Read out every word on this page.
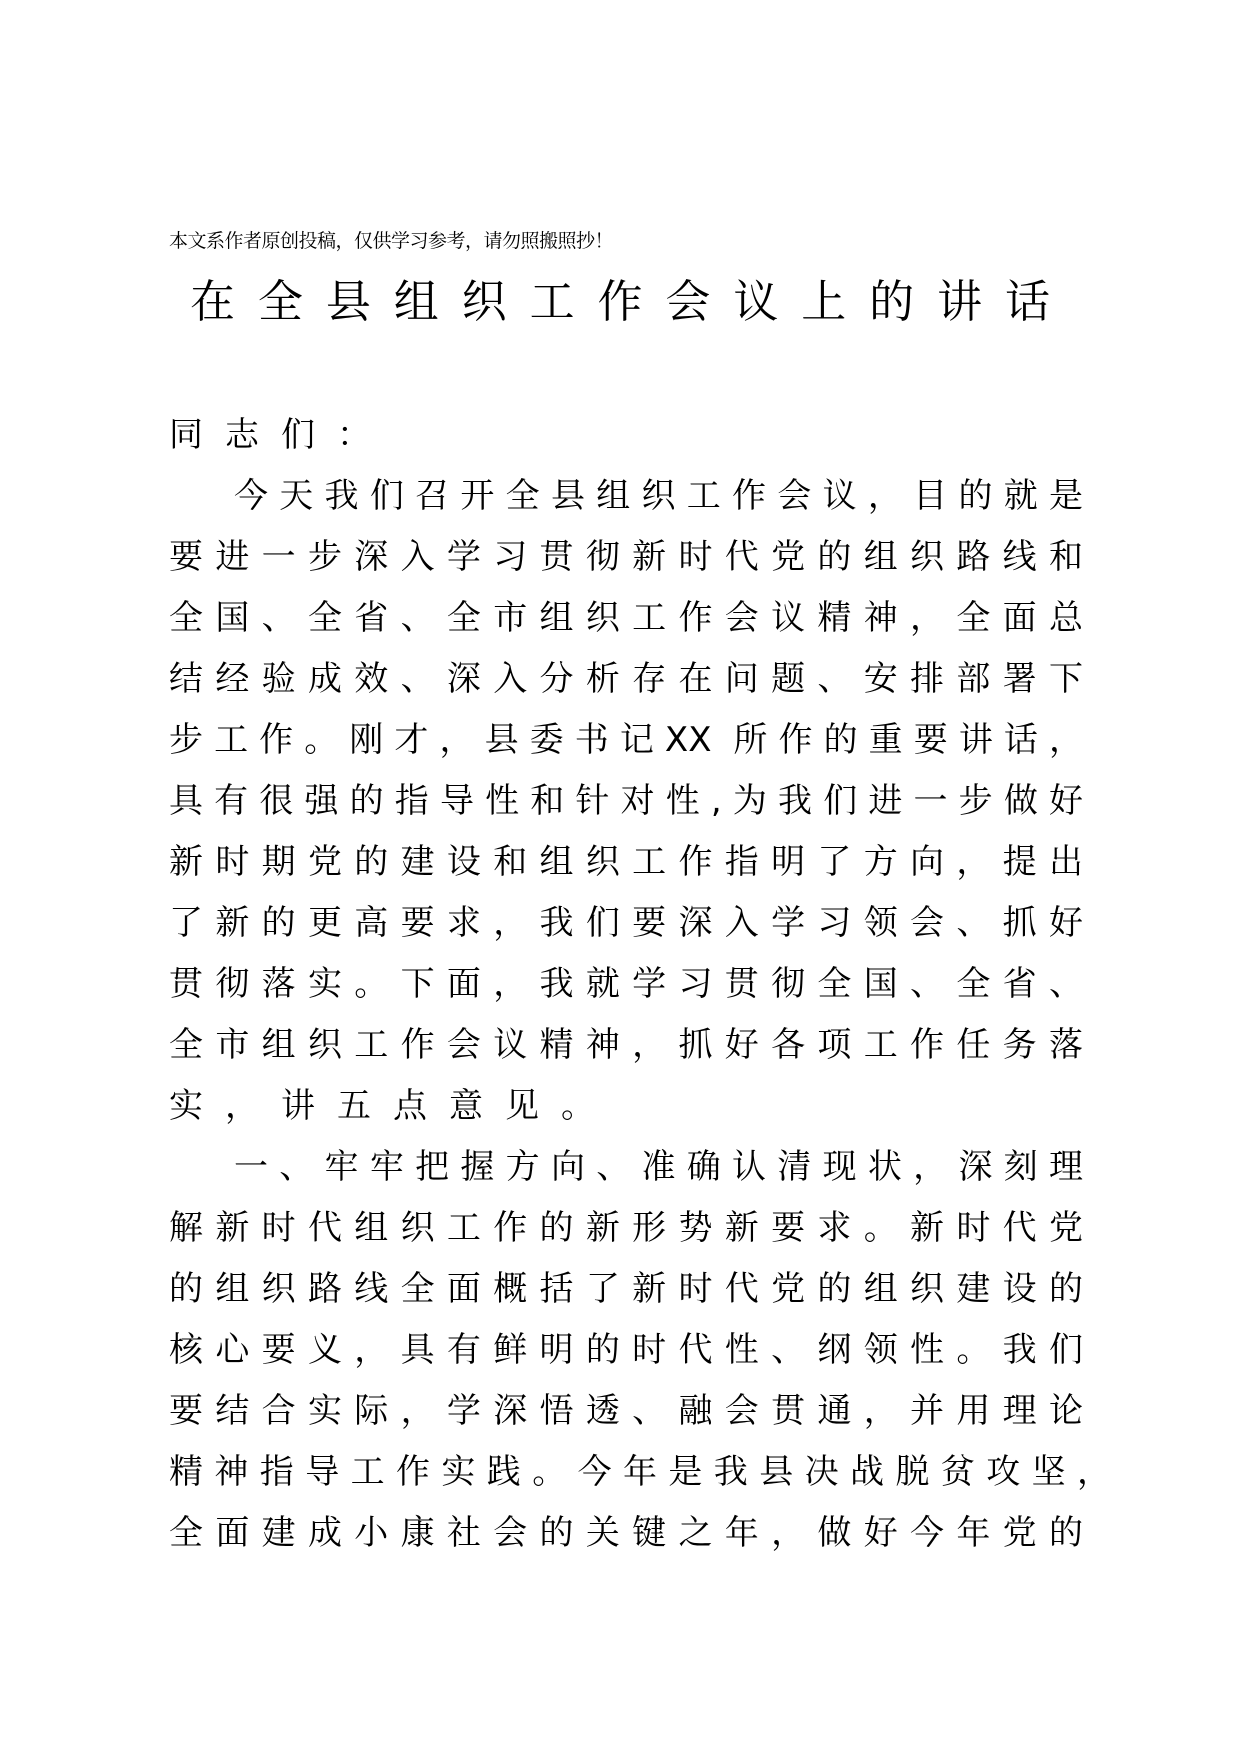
本文系作者原创投稿，仅供学习参考，请勿照搬照抄！
在​全​县​组​织​工​作​会​议​上​的​讲​话
同志们：
今​天​我​们​召​开​全​县​组​织​工​作​会​议​，​目​的​就​是
要​进​一​步​深​入​学​习​贯​彻​新​时​代​党​的​组​织​路​线​和
全​国​、​全​省​、​全​市​组​织​工​作​会​议​精​神​，​全​面​总
结​经​验​成​效​、​深​入​分​析​存​在​问​题​、​安​排​部​署​下
步​工​作​。​刚​才​，​县​委​书​记​X​X​ ​所​作​的​重​要​讲​话​，
具​有​很​强​的​指​导​性​和​针​对​性​,​为​我​们​进​一​步​做​好
新​时​期​党​的​建​设​和​组​织​工​作​指​明​了​方​向​，​提​出
了​新​的​更​高​要​求​，​我​们​要​深​入​学​习​领​会​、​抓​好
贯​彻​落​实​。​下​面​，​我​就​学​习​贯​彻​全​国​、​全​省​、
全​市​组​织​工​作​会​议​精​神​，​抓​好​各​项​工​作​任​务​落
实，讲五点意见。
一​、​牢​牢​把​握​方​向​、​准​确​认​清​现​状​，​深​刻​理
解​新​时​代​组​织​工​作​的​新​形​势​新​要​求​。​新​时​代​党
的​组​织​路​线​全​面​概​括​了​新​时​代​党​的​组​织​建​设​的
核​心​要​义​，​具​有​鲜​明​的​时​代​性​、​纲​领​性​。​我​们
要​结​合​实​际​，​学​深​悟​透​、​融​会​贯​通​，​并​用​理​论
精​神​指​导​工​作​实​践​。​今​年​是​我​县​决​战​脱​贫​攻​坚​，
全​面​建​成​小​康​社​会​的​关​键​之​年​，​做​好​今​年​党​的
